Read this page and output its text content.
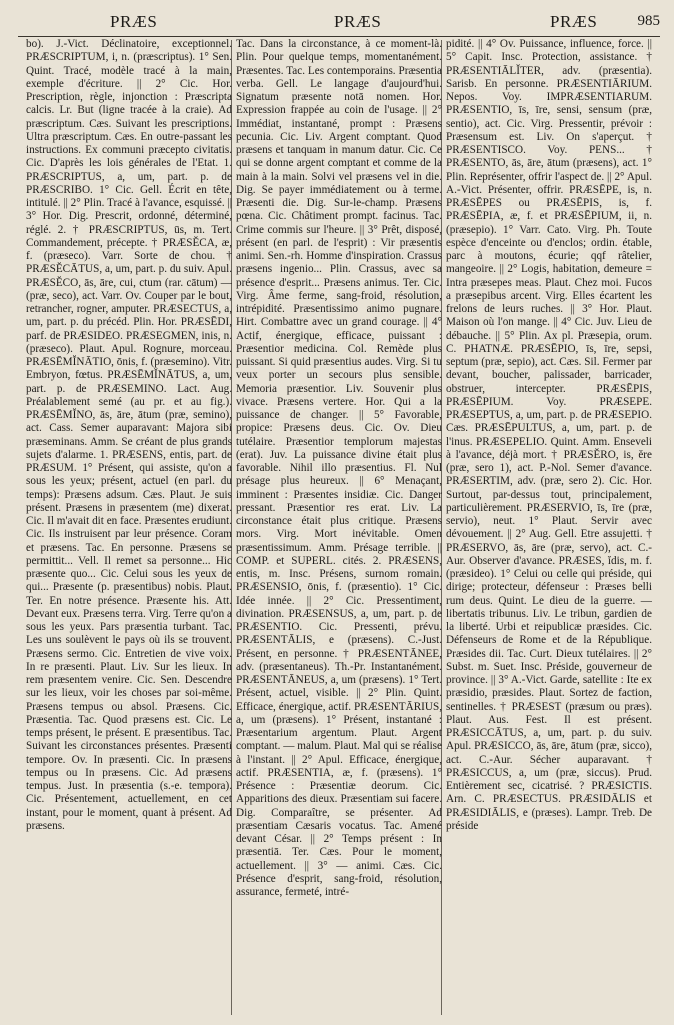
PRÆS	PRÆS	PRÆS	985

bo). J.-Vict. Déclinatoire, exceptionnel. PRÆSCRIPTUM, i, n. (præscriptus). 1° Sen. Quint. Tracé, modèle tracé à la main, exemple d'écriture. || 2° Cic. Hor. Prescription, règle, injonction : Præscripta calcis. Lr. But (ligne tracée à la craie). Ad præscriptum. Cæs. Suivant les prescriptions. Ultra præscriptum. Cæs. En outre-passant les instructions. Ex communi præcepto civitatis. Cic. D'après les lois générales de l'Etat. 1. PRÆSCRIPTUS, a, um, part. p. de PRÆSCRIBO. 1° Cic. Gell. Écrit en tête, intitulé. || 2° Plin. Tracé à l'avance, esquissé. || 3° Hor. Dig. Prescrit, ordonné, déterminé, réglé. 2. † PRÆSCRIPTUS, ūs, m. Tert. Commandement, précepte. † PRÆSĔCA, æ, f. (præseco). Varr. Sorte de chou. † PRÆSĔCĀTUS, a, um, part. p. du suiv. Apul. PRÆSĔCO, ās, āre, cui, ctum (rar. cātum) — (præ, seco), act. Varr. Ov. Couper par le bout, retrancher, rogner, amputer. PRÆSECTUS, a, um, part. p. du précéd. Plin. Hor. PRÆSĒDI, parf. de PRÆSIDEO. PRÆSEGMEN, inis, n. (præseco). Plaut. Apul. Rognure, morceau. PRÆSĒMĬNĀTIO, ōnis, f. (præsemino). Vitr. Embryon, fœtus. PRÆSĒMĬNĀTUS, a, um, part. p. de PRÆSEMINO. Lact. Aug. Préalablement semé (au pr. et au fig.). PRÆSĒMĬNO, ās, āre, ātum (præ, semino), act. Cass. Semer auparavant: Majora sibi præseminans. Amm. Se créant de plus grands sujets d'alarme. 1. PRÆSENS, entis, part. de PRÆSUM. 1° Présent, qui assiste, qu'on a sous les yeux; présent, actuel (en parl. du temps): Præsens adsum. Cæs. Plaut. Je suis présent. Præsens in præsentem (me) dixerat. Cic. Il m'avait dit en face. Præsentes erudiunt. Cic. Ils instruisent par leur présence. Coram et præsens. Tac. En personne. Præsens se permittit... Vell. Il remet sa personne... Hic præsente quo... Cic. Celui sous les yeux de qui... Præsente (p. præsentibus) nobis. Plaut. Ter. En notre présence. Præsente his. Att. Devant eux. Præsens terra. Virg. Terre qu'on a sous les yeux. Pars præsentia turbant. Tac. Les uns soulèvent le pays où ils se trouvent. Præsens sermo. Cic. Entretien de vive voix. In re præsenti. Plaut. Liv. Sur les lieux. In rem præsentem venire. Cic. Sen. Descendre sur les lieux, voir les choses par soi-même. Præsens tempus ou absol. Præsens. Cic. Præsentia. Tac. Quod præsens est. Cic. Le temps présent, le présent. E præsentibus. Tac. Suivant les circonstances présentes. Præsenti tempore. Ov. In præsenti. Cic. In præsens tempus ou In præsens. Cic. Ad præsens tempus. Just. In præsentia (s.-e. tempora). Cic. Présentement, actuellement, en cet instant, pour le moment, quant à présent. Ad præsens.

Tac. Dans la circonstance, à ce moment-là. Plin. Pour quelque temps, momentanément. Præsentes. Tac. Les contemporains. Præsentia verba. Gell. Le langage d'aujourd'hui. Signatum præsente notā nomen. Hor. Expression frappée au coin de l'usage. || 2° Immédiat, instantané, prompt : Præsens pecunia. Cic. Liv. Argent comptant. Quod præsens et tanquam in manum datur. Cic. Ce qui se donne argent comptant et comme de la main à la main. Solvi vel præsens vel in die. Dig. Se payer immédiatement ou à terme. Præsenti die. Dig. Sur-le-champ. Præsens pœna. Cic. Châtiment prompt. facinus. Tac. Crime commis sur l'heure. || 3° Prêt, disposé, présent (en parl. de l'esprit) : Vir præsentis animi. Sen.-rh. Homme d'inspiration. Crassus præsens ingenio... Plin. Crassus, avec sa présence d'esprit... Præsens animus. Ter. Cic. Virg. Âme ferme, sang-froid, résolution, intrépidité. Præsentissimo animo pugnare. Hirt. Combattre avec un grand courage. || 4° Actif, énergique, efficace, puissant : Præsentior medicina. Col. Remède plus puissant. Si quid præsentius audes. Virg. Si tu veux porter un secours plus sensible. Memoria præsentior. Liv. Souvenir plus vivace. Præsens vertere. Hor. Qui a la puissance de changer. || 5° Favorable, propice: Præsens deus. Cic. Ov. Dieu tutélaire. Præsentior templorum majestas (erat). Juv. La puissance divine était plus favorable. Nihil illo præsentius. Fl. Nul présage plus heureux. || 6° Menaçant, imminent : Præsentes insidiæ. Cic. Danger pressant. Præsentior res erat. Liv. La circonstance était plus critique. Præsens mors. Virg. Mort inévitable. Omen præsentissimum. Amm. Présage terrible. || COMP. et SUPERL. cités. 2. PRÆSENS, entis, m. Insc. Présens, surnom romain. PRÆSENSIO, ōnis, f. (præsentio). 1° Cic. Idée innée. || 2° Cic. Pressentiment, divination. PRÆSENSUS, a, um, part. p. de PRÆSENTIO. Cic. Pressenti, prévu. PRÆSENTĀLIS, e (præsens). C.-Just. Présent, en personne. † PRÆSENTĀNEE, adv. (præsentaneus). Th.-Pr. Instantanément. PRÆSENTĀNEUS, a, um (præsens). 1° Tert. Présent, actuel, visible. || 2° Plin. Quint. Efficace, énergique, actif. PRÆSENTĀRIUS, a, um (præsens). 1° Présent, instantané : Præsentarium argentum. Plaut. Argent comptant. — malum. Plaut. Mal qui se réalise à l'instant. || 2° Apul. Efficace, énergique, actif. PRÆSENTIA, æ, f. (præsens). 1° Présence : Præsentiæ deorum. Cic. Apparitions des dieux. Præsentiam sui facere. Dig. Comparaître, se présenter. Ad præsentiam Cæsaris vocatus. Tac. Amené devant César. || 2° Temps présent : In præsentiā. Ter. Cæs. Pour le moment, actuellement. || 3° — animi. Cæs. Cic. Présence d'esprit, sang-froid, résolution, assurance, fermeté, intré-

pidité. || 4° Ov. Puissance, influence, force. || 5° Capit. Insc. Protection, assistance. † PRÆSENTIĀLĬTER, adv. (præsentia). Sarisb. En personne. PRÆSENTIĀRIUM. Nepos. Voy. IMPRÆSENTIARUM. PRÆSENTIO, īs, īre, sensi, sensum (præ, sentio), act. Cic. Virg. Pressentir, prévoir : Præsensum est. Liv. On s'aperçut. † PRÆSENTISCO. Voy. PENS... † PRÆSENTO, ās, āre, ātum (præsens), act. 1° Plin. Représenter, offrir l'aspect de. || 2° Apul. A.-Vict. Présenter, offrir. PRÆSĒPE, is, n. PRÆSĒPES ou PRÆSĒPIS, is, f. PRÆSĒPIA, æ, f. et PRÆSĒPIUM, ii, n. (præsepio). 1° Varr. Cato. Virg. Ph. Toute espèce d'enceinte ou d'enclos; ordin. étable, parc à moutons, écurie; qqf râtelier, mangeoire. || 2° Logis, habitation, demeure = Intra præsepes meas. Plaut. Chez moi. Fucos a præsepibus arcent. Virg. Elles écartent les frelons de leurs ruches. || 3° Hor. Plaut. Maison où l'on mange. || 4° Cic. Juv. Lieu de débauche. || 5° Plin. Ax pl. Præsepia, orum. C. PHATNÆ. PRÆSĒPIO, īs, īre, sepsi, septum (præ, sepio), act. Cæs. Sil. Fermer par devant, boucher, palissader, barricader, obstruer, intercepter. PRÆSĒPIS, PRÆSĒPIUM. Voy. PRÆSEPE. PRÆSEPTUS, a, um, part. p. de PRÆSEPIO. Cæs. PRÆSĒPULTUS, a, um, part. p. de l'inus. PRÆSEPELIO. Quint. Amm. Enseveli à l'avance, déjà mort. † PRÆSĔRO, is, ĕre (præ, sero 1), act. P.-Nol. Semer d'avance. PRÆSERTIM, adv. (præ, sero 2). Cic. Hor. Surtout, par-dessus tout, principalement, particulièrement. PRÆSERVIO, īs, īre (præ, servio), neut. 1° Plaut. Servir avec dévouement. || 2° Aug. Gell. Etre assujetti. † PRÆSERVO, ās, āre (præ, servo), act. C.-Aur. Observer d'avance. PRÆSES, ĭdis, m. f. (præsideo). 1° Celui ou celle qui préside, qui dirige; protecteur, défenseur : Præses belli rum deus. Quint. Le dieu de la guerre. — libertatis tribunus. Liv. Le tribun, gardien de la liberté. Urbi et reipublicæ præsides. Cic. Défenseurs de Rome et de la République. Præsides dii. Tac. Curt. Dieux tutélaires. || 2° Subst. m. Suet. Insc. Préside, gouverneur de province. || 3° A.-Vict. Garde, satellite : Ite ex præsidio, præsides. Plaut. Sortez de faction, sentinelles. † PRÆSEST (præsum ou præs). Plaut. Aus. Fest. Il est présent. PRÆSICCĀTUS, a, um, part. p. du suiv. Apul. PRÆSICCO, ās, āre, ātum (præ, sicco), act. C.-Aur. Sécher auparavant. † PRÆSICCUS, a, um (præ, siccus). Prud. Entièrement sec, cicatrisé. ? PRÆSICTIS. Arn. C. PRÆSECTUS. PRÆSIDĀLIS et PRÆSIDIĀLIS, e (præses). Lampr. Treb. De préside
